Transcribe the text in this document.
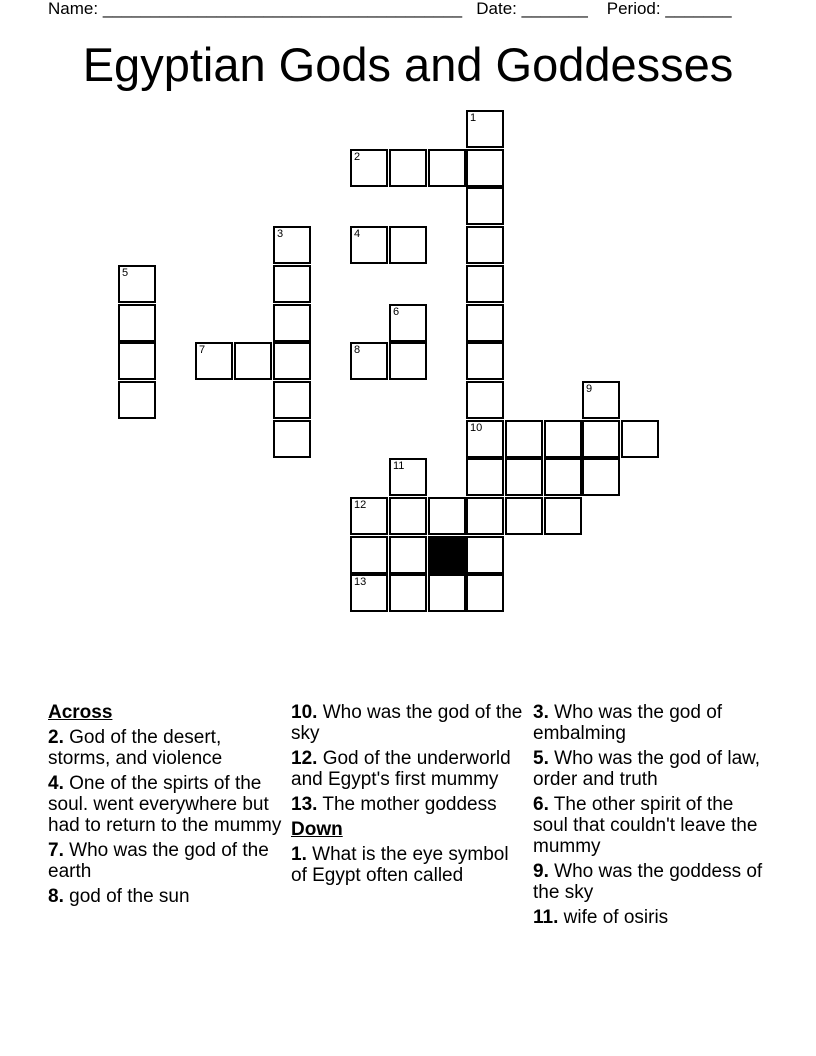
Name: ______________________________________ Date: _______ Period: _______
Egyptian Gods and Goddesses
1
2
3	4
5
6
7	8
9
10
11
12
13
Across
2. God of the desert, storms, and violence
4. One of the spirts of the soul. went everywhere but had to return to the mummy
7. Who was the god of the earth
8. god of the sun
10. Who was the god of the sky
12. God of the underworld and Egypt's first mummy
13. The mother goddess
Down
1. What is the eye symbol of Egypt often called
3. Who was the god of embalming
5. Who was the god of law, order and truth
6. The other spirit of the soul that couldn't leave the mummy
9. Who was the goddess of the sky
11. wife of osiris
